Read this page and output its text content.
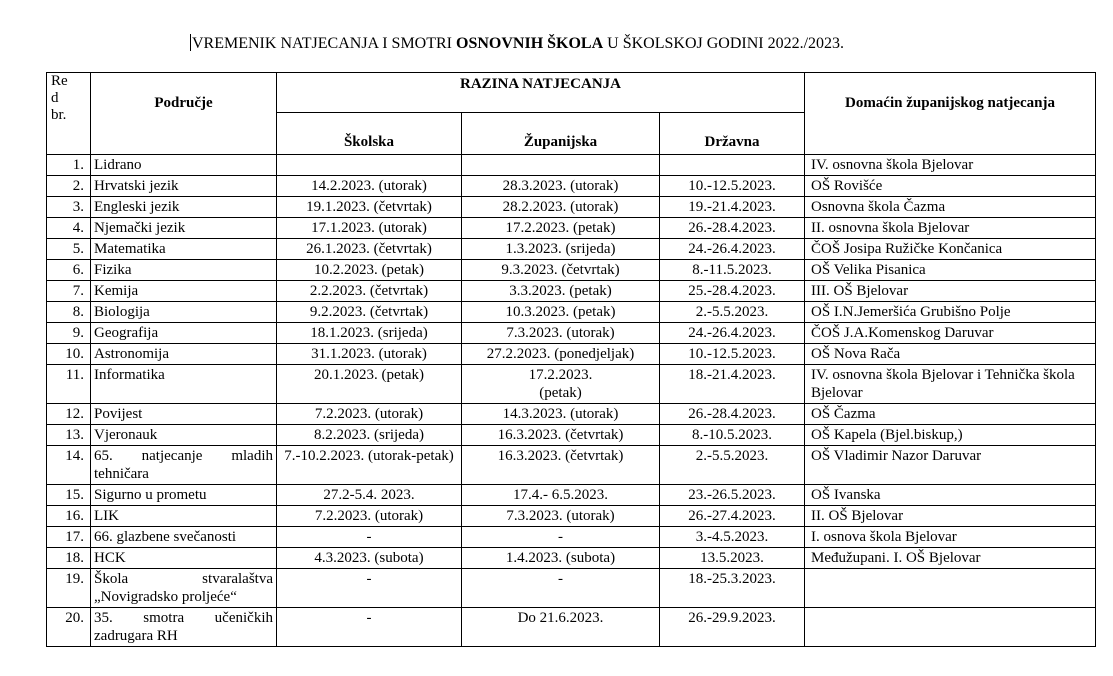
VREMENIK NATJECANJA I SMOTRI OSNOVNIH ŠKOLA U ŠKOLSKOJ GODINI 2022./2023.
Re
d
br.	Područje	RAZINA NATJECANJA			Domaćin županijskog natjecanja
		Školska	Županijska	Državna	
1.	Lidrano				IV. osnovna škola Bjelovar
2.	Hrvatski jezik	14.2.2023. (utorak)	28.3.2023. (utorak)	10.-12.5.2023.	OŠ Rovišće
3.	Engleski jezik	19.1.2023. (četvrtak)	28.2.2023. (utorak)	19.-21.4.2023.	Osnovna škola Čazma
4.	Njemački jezik	17.1.2023. (utorak)	17.2.2023. (petak)	26.-28.4.2023.	II. osnovna škola Bjelovar
5.	Matematika	26.1.2023. (četvrtak)	1.3.2023. (srijeda)	24.-26.4.2023.	ČOŠ Josipa Ružičke Končanica
6.	Fizika	10.2.2023. (petak)	9.3.2023. (četvrtak)	8.-11.5.2023.	OŠ Velika Pisanica
7.	Kemija	2.2.2023. (četvrtak)	3.3.2023. (petak)	25.-28.4.2023.	III. OŠ Bjelovar
8.	Biologija	9.2.2023. (četvrtak)	10.3.2023. (petak)	2.-5.5.2023.	OŠ I.N.Jemeršića Grubišno Polje
9.	Geografija	18.1.2023. (srijeda)	7.3.2023. (utorak)	24.-26.4.2023.	ČOŠ J.A.Komenskog Daruvar
10.	Astronomija	31.1.2023. (utorak)	27.2.2023. (ponedjeljak)	10.-12.5.2023.	OŠ Nova Rača
11.	Informatika	20.1.2023. (petak)	17.2.2023.
(petak)	18.-21.4.2023.	IV. osnovna škola Bjelovar i Tehnička škola Bjelovar
12.	Povijest	7.2.2023. (utorak)	14.3.2023. (utorak)	26.-28.4.2023.	OŠ Čazma
13.	Vjeronauk	8.2.2023. (srijeda)	16.3.2023. (četvrtak)	8.-10.5.2023.	OŠ Kapela (Bjel.biskup,)
14.	65. natjecanje mladih tehničara	7.-10.2.2023. (utorak-petak)	16.3.2023. (četvrtak)	2.-5.5.2023.	OŠ Vladimir Nazor Daruvar
15.	Sigurno u prometu	27.2-5.4. 2023.	17.4.- 6.5.2023.	23.-26.5.2023.	OŠ Ivanska
16.	LIK	7.2.2023. (utorak)	7.3.2023. (utorak)	26.-27.4.2023.	II. OŠ Bjelovar
17.	66. glazbene svečanosti	-	-	3.-4.5.2023.	I. osnova škola Bjelovar
18.	HCK	4.3.2023. (subota)	1.4.2023. (subota)	13.5.2023.	Međužupani. I. OŠ Bjelovar
19.	Škola stvaralaštva „Novigradsko proljeće“	-	-	18.-25.3.2023.	
20.	35. smotra učeničkih zadrugara RH	-	Do 21.6.2023.	26.-29.9.2023.	
